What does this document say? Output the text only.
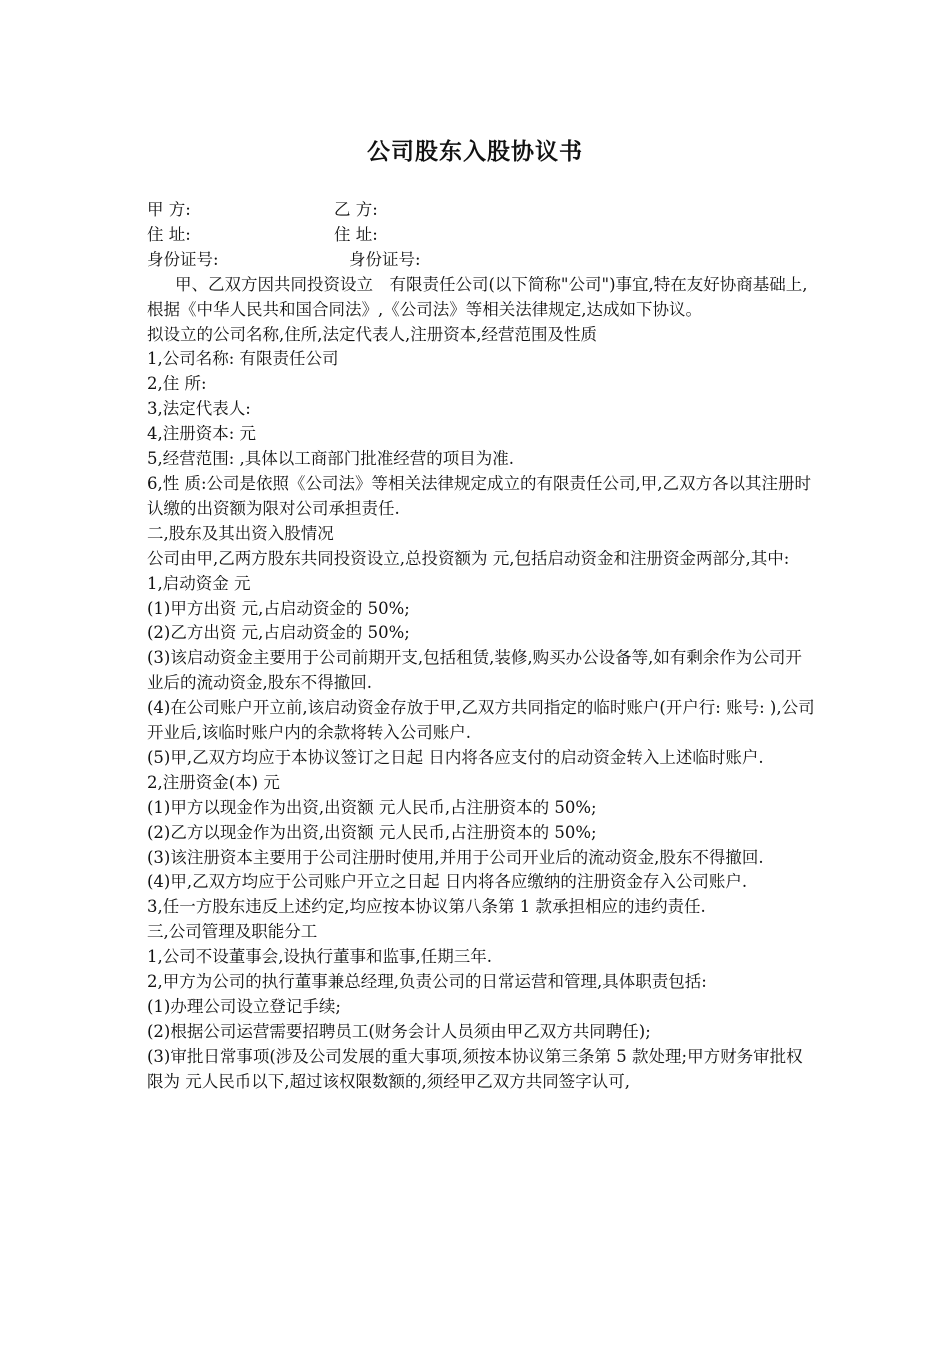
公司股东入股协议书
甲 方:	乙 方:
住 址:	住 址:
身份证号:	身份证号:

甲、乙双方因共同投资设立　有限责任公司(以下简称"公司")事宜,特在友好协商基础上,根据《中华人民共和国合同法》,《公司法》等相关法律规定,达成如下协议。

拟设立的公司名称,住所,法定代表人,注册资本,经营范围及性质

1,公司名称: 有限责任公司

2,住 所:

3,法定代表人:

4,注册资本: 元

5,经营范围: ,具体以工商部门批准经营的项目为准.

6,性 质:公司是依照《公司法》等相关法律规定成立的有限责任公司,甲,乙双方各以其注册时认缴的出资额为限对公司承担责任.

二,股东及其出资入股情况

公司由甲,乙两方股东共同投资设立,总投资额为 元,包括启动资金和注册资金两部分,其中:

1,启动资金 元

(1)甲方出资 元,占启动资金的 50%;

(2)乙方出资 元,占启动资金的 50%;

(3)该启动资金主要用于公司前期开支,包括租赁,装修,购买办公设备等,如有剩余作为公司开业后的流动资金,股东不得撤回.

(4)在公司账户开立前,该启动资金存放于甲,乙双方共同指定的临时账户(开户行: 账号: ),公司开业后,该临时账户内的余款将转入公司账户.

(5)甲,乙双方均应于本协议签订之日起 日内将各应支付的启动资金转入上述临时账户.

2,注册资金(本) 元

(1)甲方以现金作为出资,出资额 元人民币,占注册资本的 50%;

(2)乙方以现金作为出资,出资额 元人民币,占注册资本的 50%;

(3)该注册资本主要用于公司注册时使用,并用于公司开业后的流动资金,股东不得撤回.

(4)甲,乙双方均应于公司账户开立之日起 日内将各应缴纳的注册资金存入公司账户.

3,任一方股东违反上述约定,均应按本协议第八条第 1 款承担相应的违约责任.

三,公司管理及职能分工

1,公司不设董事会,设执行董事和监事,任期三年.

2,甲方为公司的执行董事兼总经理,负责公司的日常运营和管理,具体职责包括:

(1)办理公司设立登记手续;

(2)根据公司运营需要招聘员工(财务会计人员须由甲乙双方共同聘任);

(3)审批日常事项(涉及公司发展的重大事项,须按本协议第三条第 5 款处理;甲方财务审批权限为 元人民币以下,超过该权限数额的,须经甲乙双方共同签字认可,
